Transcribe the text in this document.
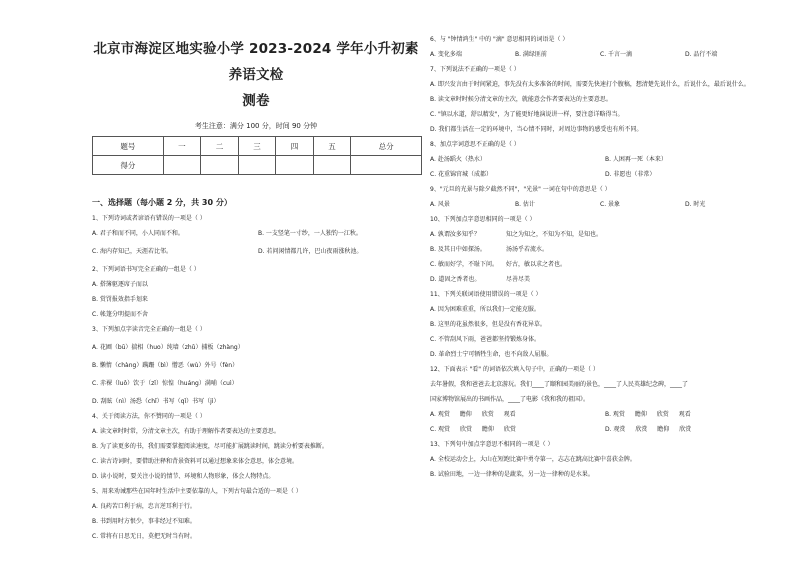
北京市海淀区地实验小学 2023-2024 学年小升初素养语文检
测卷
考生注意：满分 100 分，时间 90 分钟
题号	一	二	三	四	五	总分
得分						
一、选择题（每小题 2 分，共 30 分）
1、下列诗词或者谚语有错误的一项是（ ）
A. 君子和而不同，小人同而不和。	B. 一支竖笔一寸纱，一人独钓一江秋。
C. 海内存知己，天涯若比邻。	D. 若问闲情都几许，巴山夜雨涨秋池。
2、下列词语书写完全正确的一组是（ ）
A. 搭簿驱逐席子而以
B. 赏罚报效指手划来
C. 帐篷分明提而不舍
3、下列加点字读音完全正确的一组是（ ）
A. 花圃（bū）揣相（huo）纯墙（zhǔ）捕板（zhàng）
B. 懒惰（chàng）蹒跚（bì）憎恶（wù）外号（fèn）
C. 赤裸（luǒ）饮于（zǐ）惊惶（huáng）满哺（cuì）
D. 刮眩（nì）汤恐（chǐ）书写（qǐ）书写（jì）
4、关于阅读方法，你不赞同的一项是（ ）
A. 读文章时时常，分清文章主次，有助于理解作者要表达的主要意思。
B. 为了读更多的书，我们需要掌握阅读速度，尽可能扩展跳读时间，跳读分析要表推断。
C. 读古诗词时，要借助注释和背景资料可以通过想象来体会意思，体会意境。
D. 读小说时，要关注小说的情节、环境和人物形象，体会人物特点。
5、用来劝诫那些在国年时生活中主要依靠的人，下列古句最合适的一项是（ ）
A. 良药苦口利于病，忠言逆耳利于行。
B. 书到用时方恨少，事非经过不知难。
C. 常将有日思无日，莫把无时当有时。
6、与 "钟情鸿生" 中的 "滴" 意思相同的词语是（ ）
A. 变化多端	B. 满绿匪前	C. 千言一滴	D. 品行不端
7、下列说法不正确的一项是（ ）
A. 即兴发言由于时间紧迫，事先没有太多准备的时间，需要先快速打个腹稿，想清楚先说什么，后说什么，最后说什么。
B. 读文章时时候分清文章的主次，就能意会作者要表达的主要意思。
C. "镇以水道，舒以精发"，为了能更好地演说讲一样，要注意详略得当。
D. 我们都生活在一定的环境中，当心情不同时，对周边事物的感受也有所不同。
8、加点字词意思不正确的是（ ）
A. 赴汤蹈火（热水）	B. 人困再一死（本来）
C. 花重锦官城（成都）	D. 非愿也（非常）
9、"元旦的光景与除夕截然不同"，"光景" 一词在句中的意思是（ ）
A. 风景	B. 估计	C. 景象	D. 时光
10、下列加点字意思相同的一项是（ ）
A. 孰谓汝多知乎？	知之为知之，不知为不知，是知也。
B. 及其日中如探汤。	汤汤乎若流水。
C. 敏而好学，不耻下问。	好古，敏以求之者也。
D. 道固之香者也。	尽善尽美
11、下列关联词语使用错误的一项是（ ）
A. 因为困难重重，所以我们一定能克服。
B. 这里的花虽然很多，但是没有香花异草。
C. 不管刮风下雨，爸爸都坚持锻炼身体。
D. 革命烈士宁可牺牲生命，也不向敌人屈服。
12、下面表示 "看" 的词语依次填入句子中，正确的一项是（ ）
去年暑假，我和爸爸去北京游玩。我们____了颐和园美丽的景色，____了人民英雄纪念碑，____了
国家博物馆展出的书画作品，____了电影《我和我的祖国》。
A. 观赏 瞻仰 欣赏 观看	B. 观赏 瞻仰 欣赏 观看
C. 观赏 欣赏 瞻仰 欣赏	D. 观赏 欣赏 瞻仰 欣赏
13、下列句中加点字意思不相同的一项是（ ）
A. 全校运动会上，大山在短跑比赛中勇夺第一，志志在跳高比赛中喜获金牌。
B. 试验田地，一边一律种的是蔬菜，另一边一律种的是水果。
